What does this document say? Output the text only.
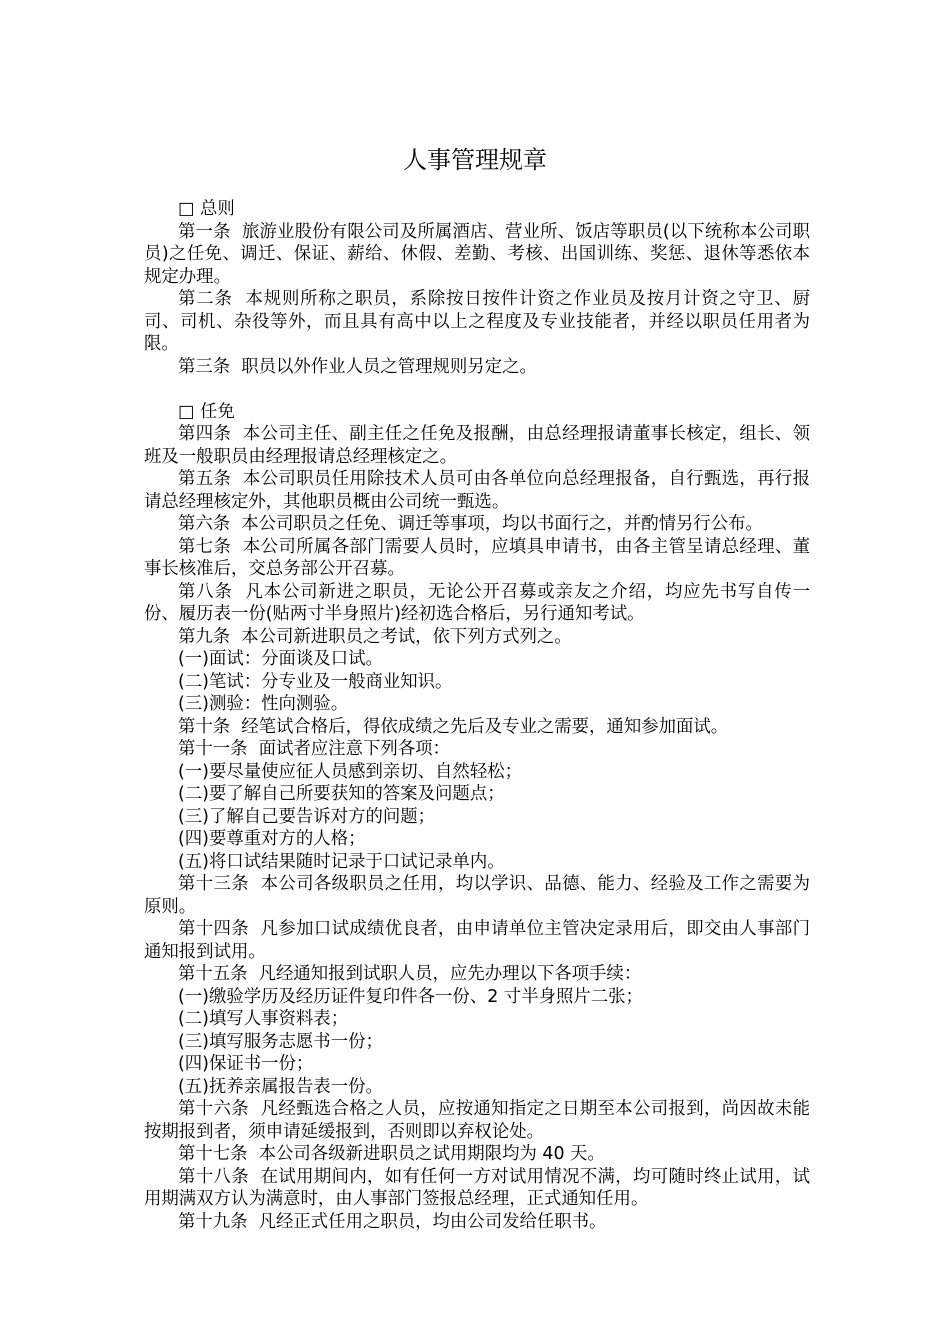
人事管理规章
□ 总则

第一条  旅游业股份有限公司及所属酒店、营业所、饭店等职员(以下统称本公司职员)之任免、调迁、保证、薪给、休假、差勤、考核、出国训练、奖惩、退休等悉依本规定办理。

第二条  本规则所称之职员，系除按日按件计资之作业员及按月计资之守卫、厨司、司机、杂役等外，而且具有高中以上之程度及专业技能者，并经以职员任用者为限。

第三条  职员以外作业人员之管理规则另定之。

□ 任免

第四条  本公司主任、副主任之任免及报酬，由总经理报请董事长核定，组长、领班及一般职员由经理报请总经理核定之。

第五条  本公司职员任用除技术人员可由各单位向总经理报备，自行甄选，再行报请总经理核定外，其他职员概由公司统一甄选。

第六条  本公司职员之任免、调迁等事项，均以书面行之，并酌情另行公布。

第七条  本公司所属各部门需要人员时，应填具申请书，由各主管呈请总经理、董事长核准后，交总务部公开召募。

第八条  凡本公司新进之职员，无论公开召募或亲友之介绍，均应先书写自传一份、履历表一份(贴两寸半身照片)经初选合格后，另行通知考试。

第九条  本公司新进职员之考试，依下列方式列之。

(一)面试：分面谈及口试。

(二)笔试：分专业及一般商业知识。

(三)测验：性向测验。

第十条  经笔试合格后，得依成绩之先后及专业之需要，通知参加面试。

第十一条  面试者应注意下列各项：

(一)要尽量使应征人员感到亲切、自然轻松；

(二)要了解自己所要获知的答案及问题点；

(三)了解自己要告诉对方的问题；

(四)要尊重对方的人格；

(五)将口试结果随时记录于口试记录单内。

第十三条  本公司各级职员之任用，均以学识、品德、能力、经验及工作之需要为原则。

第十四条  凡参加口试成绩优良者，由申请单位主管决定录用后，即交由人事部门通知报到试用。

第十五条  凡经通知报到试职人员，应先办理以下各项手续：

(一)缴验学历及经历证件复印件各一份、2 寸半身照片二张；

(二)填写人事资料表；

(三)填写服务志愿书一份；

(四)保证书一份；

(五)抚养亲属报告表一份。

第十六条  凡经甄选合格之人员，应按通知指定之日期至本公司报到，尚因故未能按期报到者，须申请延缓报到，否则即以弃权论处。

第十七条  本公司各级新进职员之试用期限均为 40 天。

第十八条  在试用期间内，如有任何一方对试用情况不满，均可随时终止试用，试用期满双方认为满意时，由人事部门签报总经理，正式通知任用。

第十九条  凡经正式任用之职员，均由公司发给任职书。
